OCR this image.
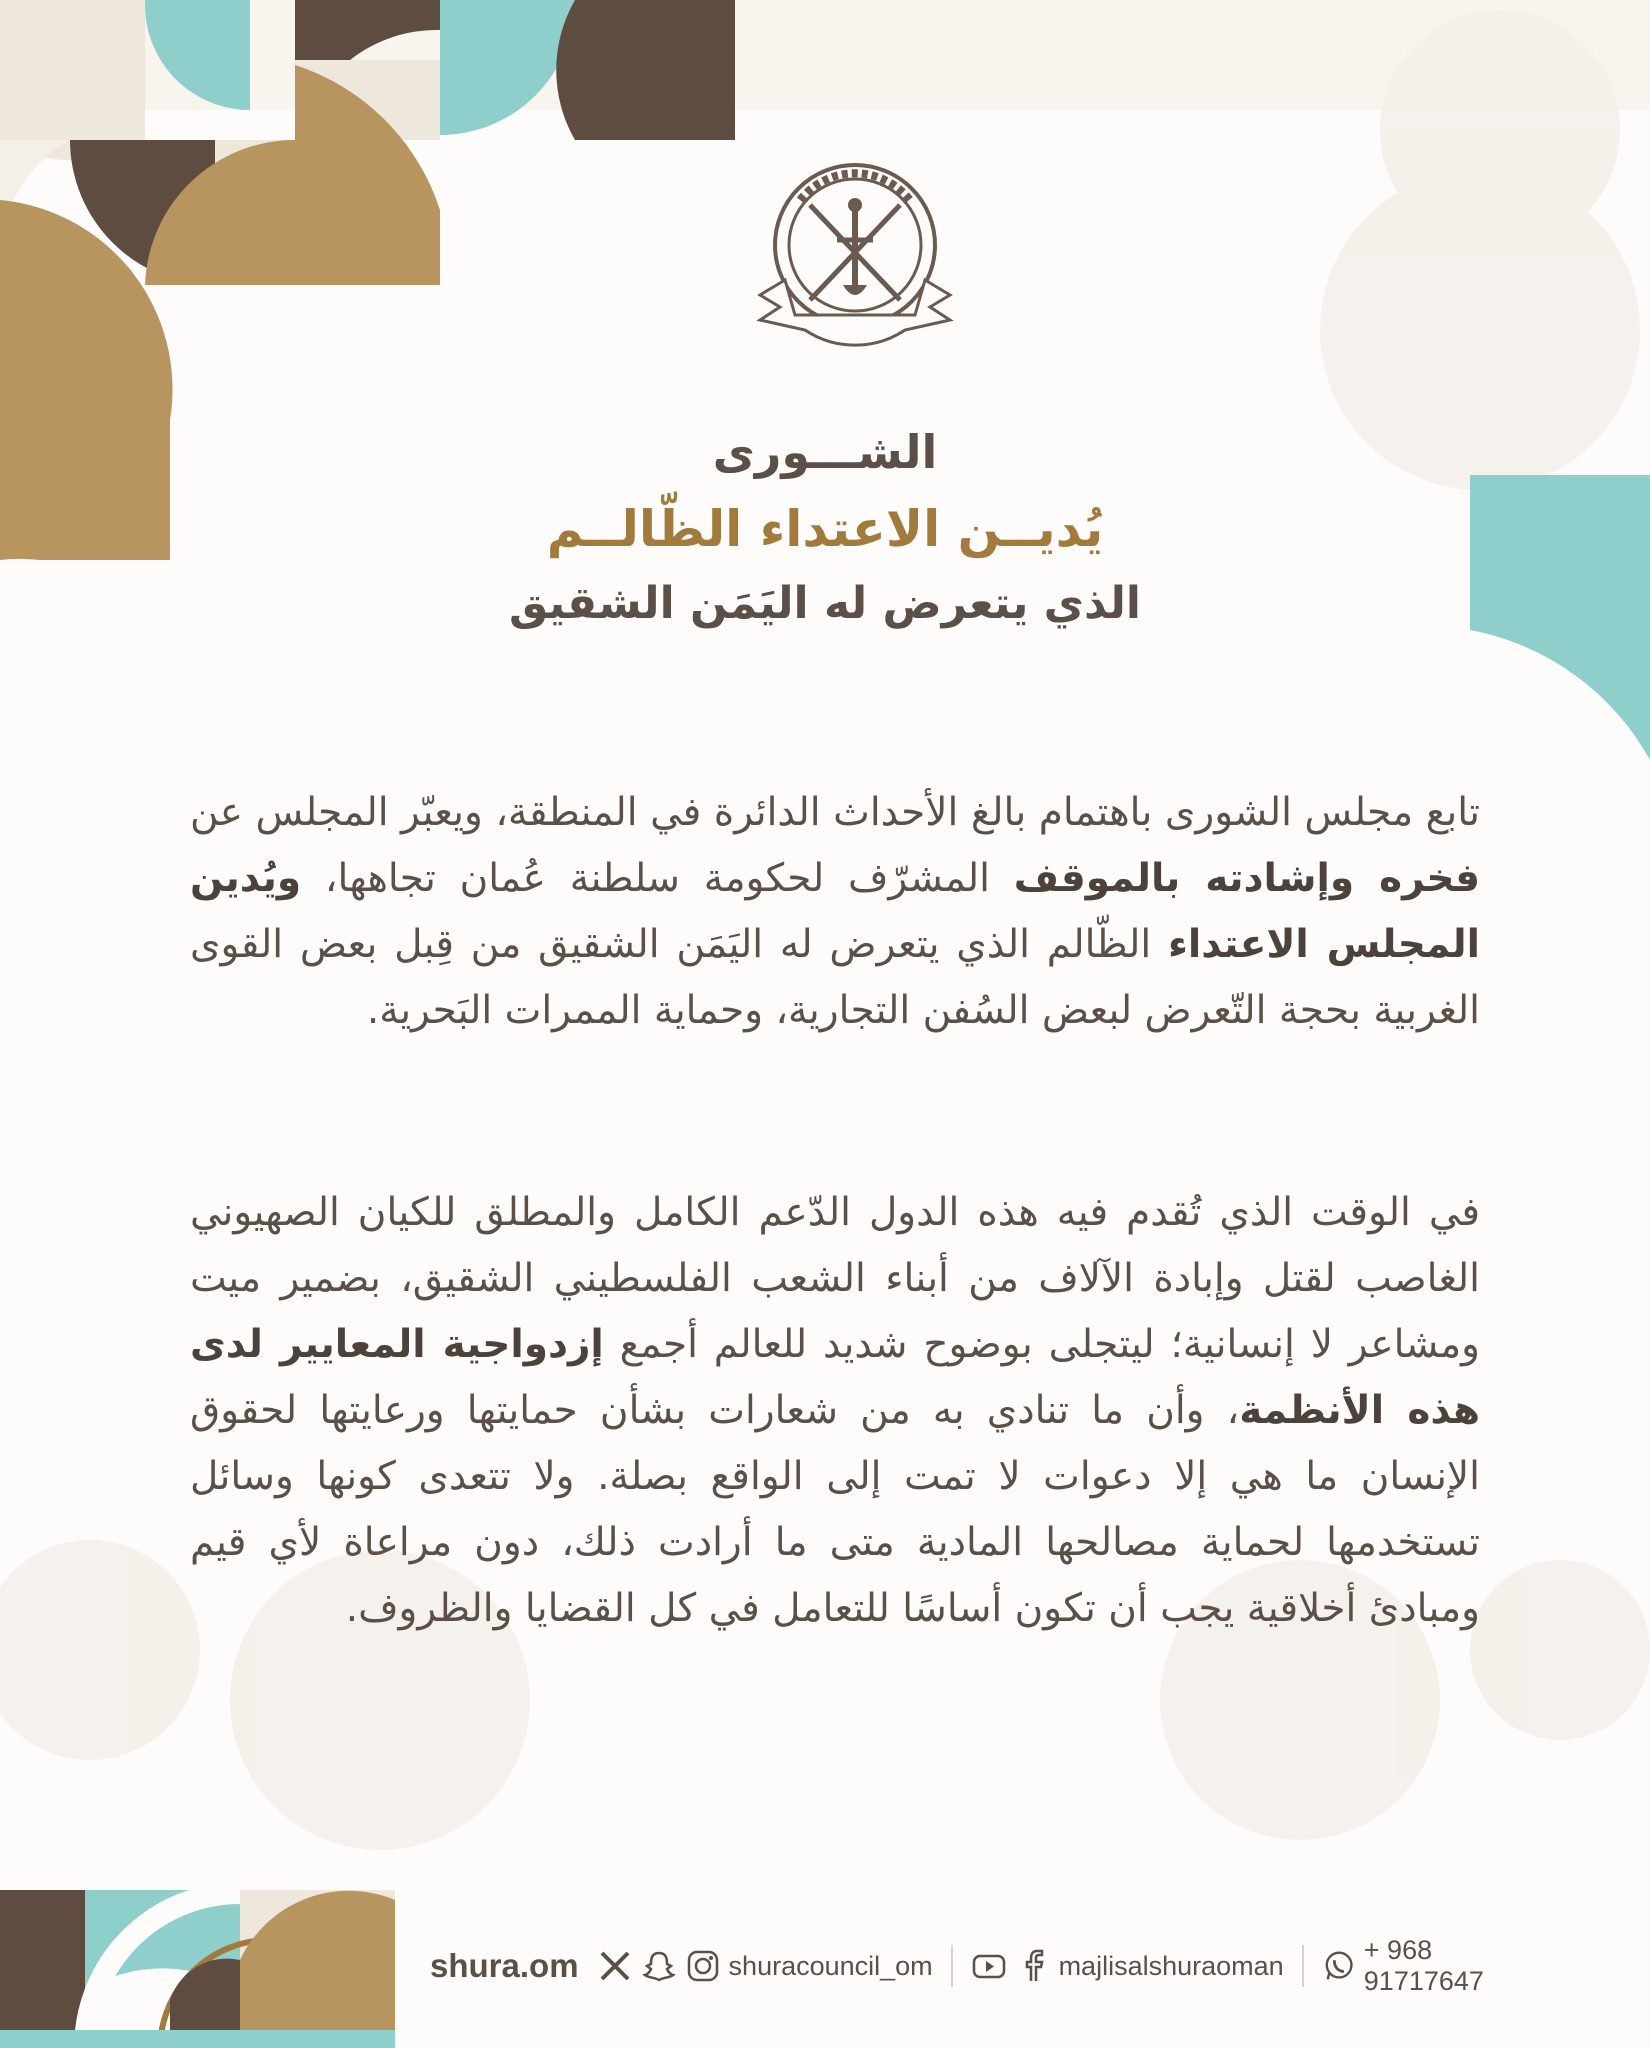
الشـــورى
يُديــن الاعتداء الظّالــم
الذي يتعرض له اليَمَن الشقيق
تابع مجلس الشورى باهتمام بالغ الأحداث الدائرة في المنطقة، ويعبّر المجلس عن فخره وإشادته بالموقف المشرّف لحكومة سلطنة عُمان تجاهها، ويُدين المجلس الاعتداء الظّالم الذي يتعرض له اليَمَن الشقيق من قِبل بعض القوى الغربية بحجة التّعرض لبعض السُفن التجارية، وحماية الممرات البَحرية.
في الوقت الذي تُقدم فيه هذه الدول الدّعم الكامل والمطلق للكيان الصهيوني الغاصب لقتل وإبادة الآلاف من أبناء الشعب الفلسطيني الشقيق، بضمير ميت ومشاعر لا إنسانية؛ ليتجلى بوضوح شديد للعالم أجمع إزدواجية المعايير لدى هذه الأنظمة، وأن ما تنادي به من شعارات بشأن حمايتها ورعايتها لحقوق الإنسان ما هي إلا دعوات لا تمت إلى الواقع بصلة. ولا تتعدى كونها وسائل تستخدمها لحماية مصالحها المادية متى ما أرادت ذلك، دون مراعاة لأي قيم ومبادئ أخلاقية يجب أن تكون أساسًا للتعامل في كل القضايا والظروف.
shura.om	shuracouncil_om	majlisalshuraoman
+ 968 91717647
